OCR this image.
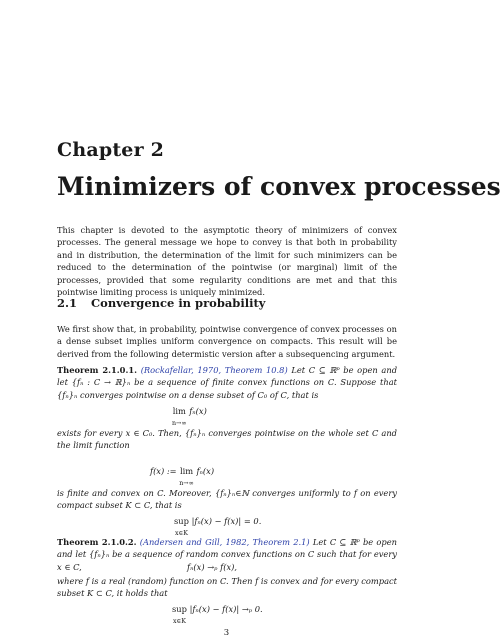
Chapter 2
Minimizers of convex processes
This chapter is devoted to the asymptotic theory of minimizers of convex processes. The general message we hope to convey is that both in probability and in distribution, the determination of the limit for such minimizers can be reduced to the determination of the pointwise (or marginal) limit of the processes, provided that some regularity conditions are met and that this pointwise limiting process is uniquely minimized.
2.1 Convergence in probability
We first show that, in probability, pointwise convergence of convex processes on a dense subset implies uniform convergence on compacts. This result will be derived from the following determistic version after a subsequencing argument.
Theorem 2.1.0.1. (Rockafellar, 1970, Theorem 10.8) Let C ⊆ ℝᵖ be open and let {fₙ : C → ℝ}ₙ be a sequence of finite convex functions on C. Suppose that {fₙ}ₙ converges pointwise on a dense subset of C₀ of C, that is
lim
n→∞ fₙ(x)
exists for every x ∈ C₀. Then, {fₙ}ₙ converges pointwise on the whole set C and the limit function
f(x) := lim
n→∞ fₙ(x)
is finite and convex on C. Moreover, {fₙ}ₙ∈ℕ converges uniformly to f on every compact subset K ⊂ C, that is
sup
x∈K |fₙ(x) − f(x)| = 0.
Theorem 2.1.0.2. (Andersen and Gill, 1982, Theorem 2.1) Let C ⊆ ℝᵖ be open and let {fₙ}ₙ be a sequence of random convex functions on C such that for every x ∈ C,	fₙ(x) →ₚ f(x),
where f is a real (random) function on C. Then f is convex and for every compact subset K ⊂ C, it holds that
sup
x∈K |fₙ(x) − f(x)| →ₚ 0.
3
